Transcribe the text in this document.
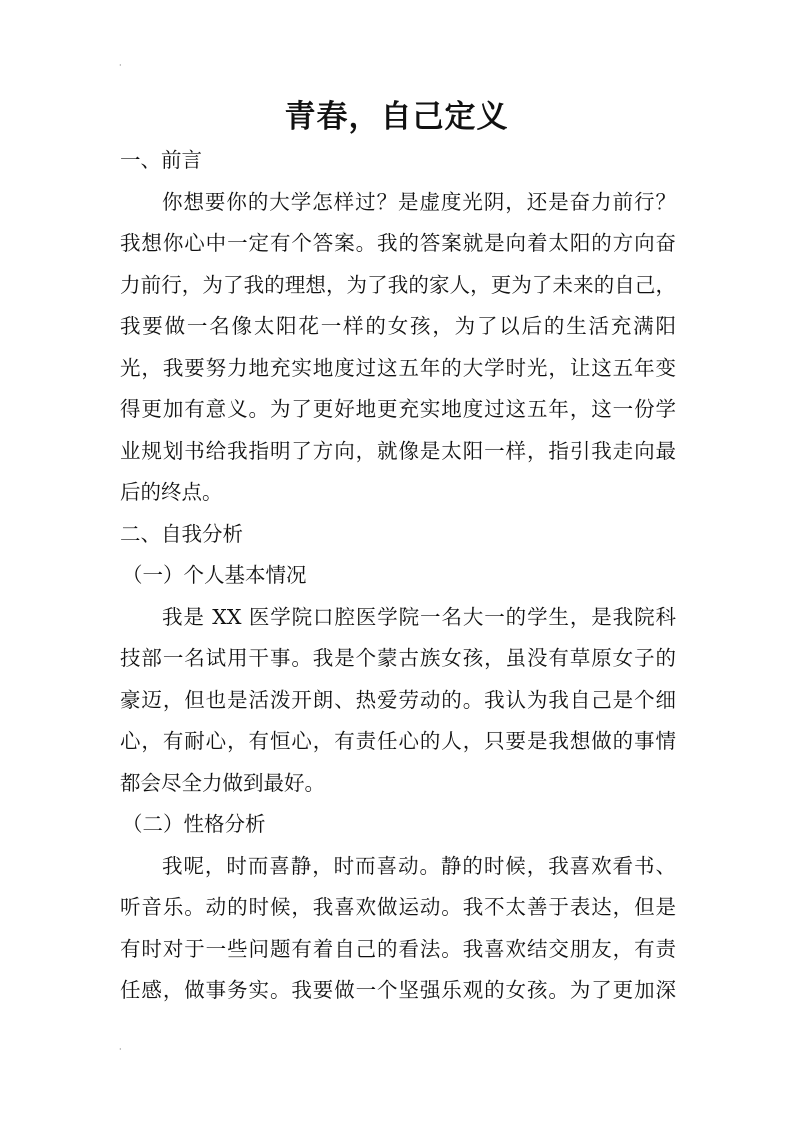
·
青春，自己定义
一、前言
你想要你的大学怎样过？是虚度光阴，还是奋力前行？
我想你心中一定有个答案。我的答案就是向着太阳的方向奋
力前行，为了我的理想，为了我的家人，更为了未来的自己，
我要做一名像太阳花一样的女孩，为了以后的生活充满阳
光，我要努力地充实地度过这五年的大学时光，让这五年变
得更加有意义。为了更好地更充实地度过这五年，这一份学
业规划书给我指明了方向，就像是太阳一样，指引我走向最
后的终点。
二、自我分析
（一）个人基本情况
我是 XX 医学院口腔医学院一名大一的学生，是我院科
技部一名试用干事。我是个蒙古族女孩，虽没有草原女子的
豪迈，但也是活泼开朗、热爱劳动的。我认为我自己是个细
心，有耐心，有恒心，有责任心的人，只要是我想做的事情
都会尽全力做到最好。
（二）性格分析
我呢，时而喜静，时而喜动。静的时候，我喜欢看书、
听音乐。动的时候，我喜欢做运动。我不太善于表达，但是
有时对于一些问题有着自己的看法。我喜欢结交朋友，有责
任感，做事务实。我要做一个坚强乐观的女孩。为了更加深
·
